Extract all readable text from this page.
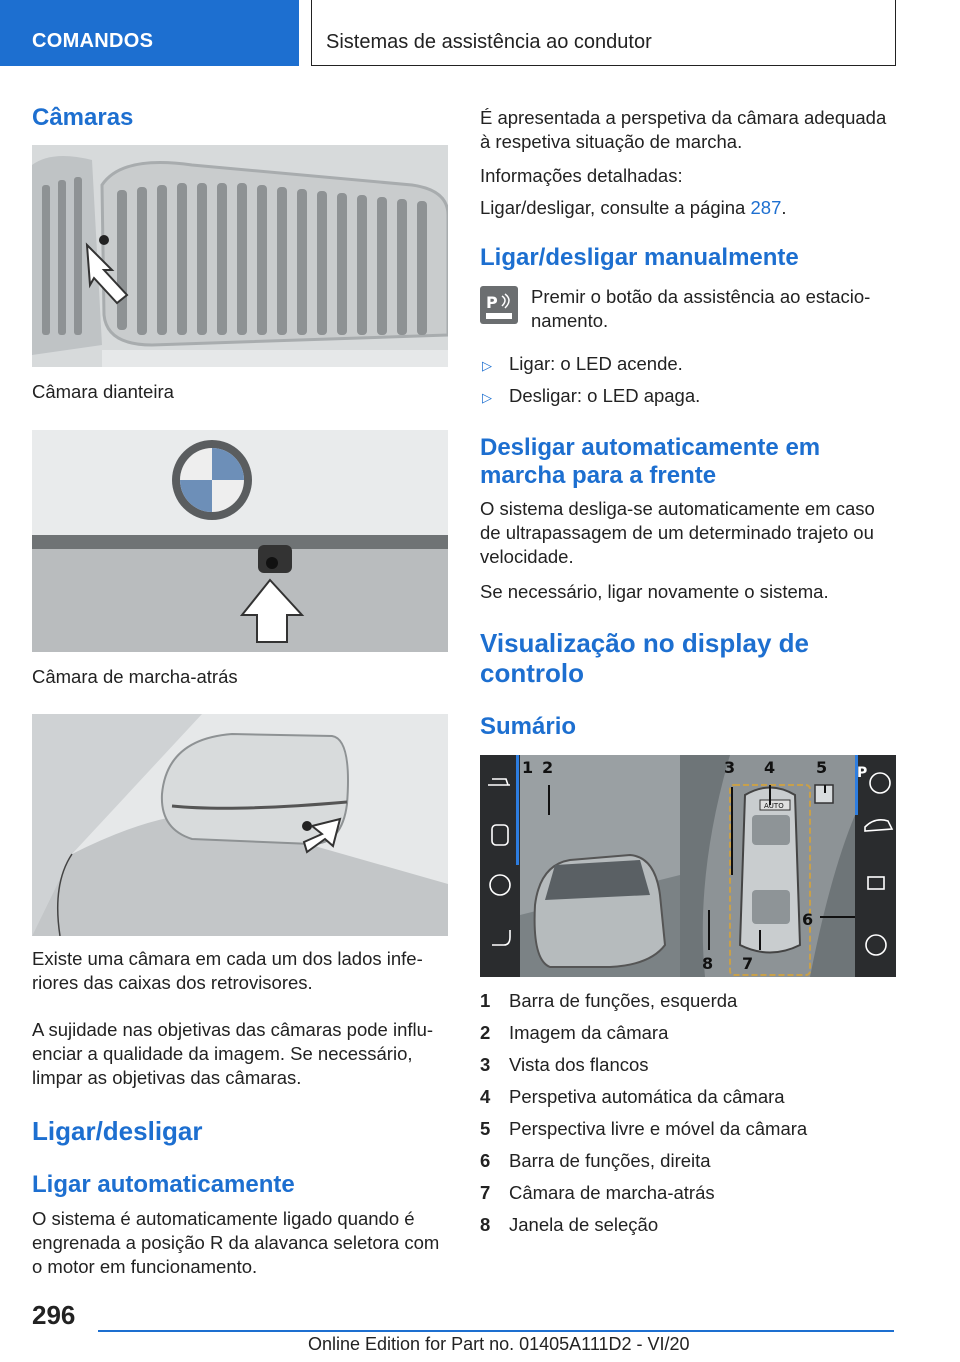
COMANDOS	Sistemas de assistência ao condutor
Câmaras
Câmara dianteira
Câmara de marcha-atrás
Existe uma câmara em cada um dos lados infe-riores das caixas dos retrovisores.
A sujidade nas objetivas das câmaras pode influ-enciar a qualidade da imagem. Se necessário, limpar as objetivas das câmaras.
Ligar/desligar
Ligar automaticamente
O sistema é automaticamente ligado quando é engrenada a posição R da alavanca seletora com o motor em funcionamento.
É apresentada a perspetiva da câmara adequada à respetiva situação de marcha.
Informações detalhadas:
Ligar/desligar, consulte a página 287.
Ligar/desligar manualmente
P Premir o botão da assistência ao estacio-namento.
▷ Ligar: o LED acende.
▷ Desligar: o LED apaga.
Desligar automaticamente em marcha para a frente
O sistema desliga-se automaticamente em caso de ultrapassagem de um determinado trajeto ou velocidade.
Se necessário, ligar novamente o sistema.
Visualização no display de controlo
Sumário
AUTO
P
1 2	3 4	5
6
7
8
1	Barra de funções, esquerda
2	Imagem da câmara
3	Vista dos flancos
4	Perspetiva automática da câmara
5	Perspectiva livre e móvel da câmara
6	Barra de funções, direita
7	Câmara de marcha-atrás
8	Janela de seleção
296
Online Edition for Part no. 01405A111D2 - VI/20
